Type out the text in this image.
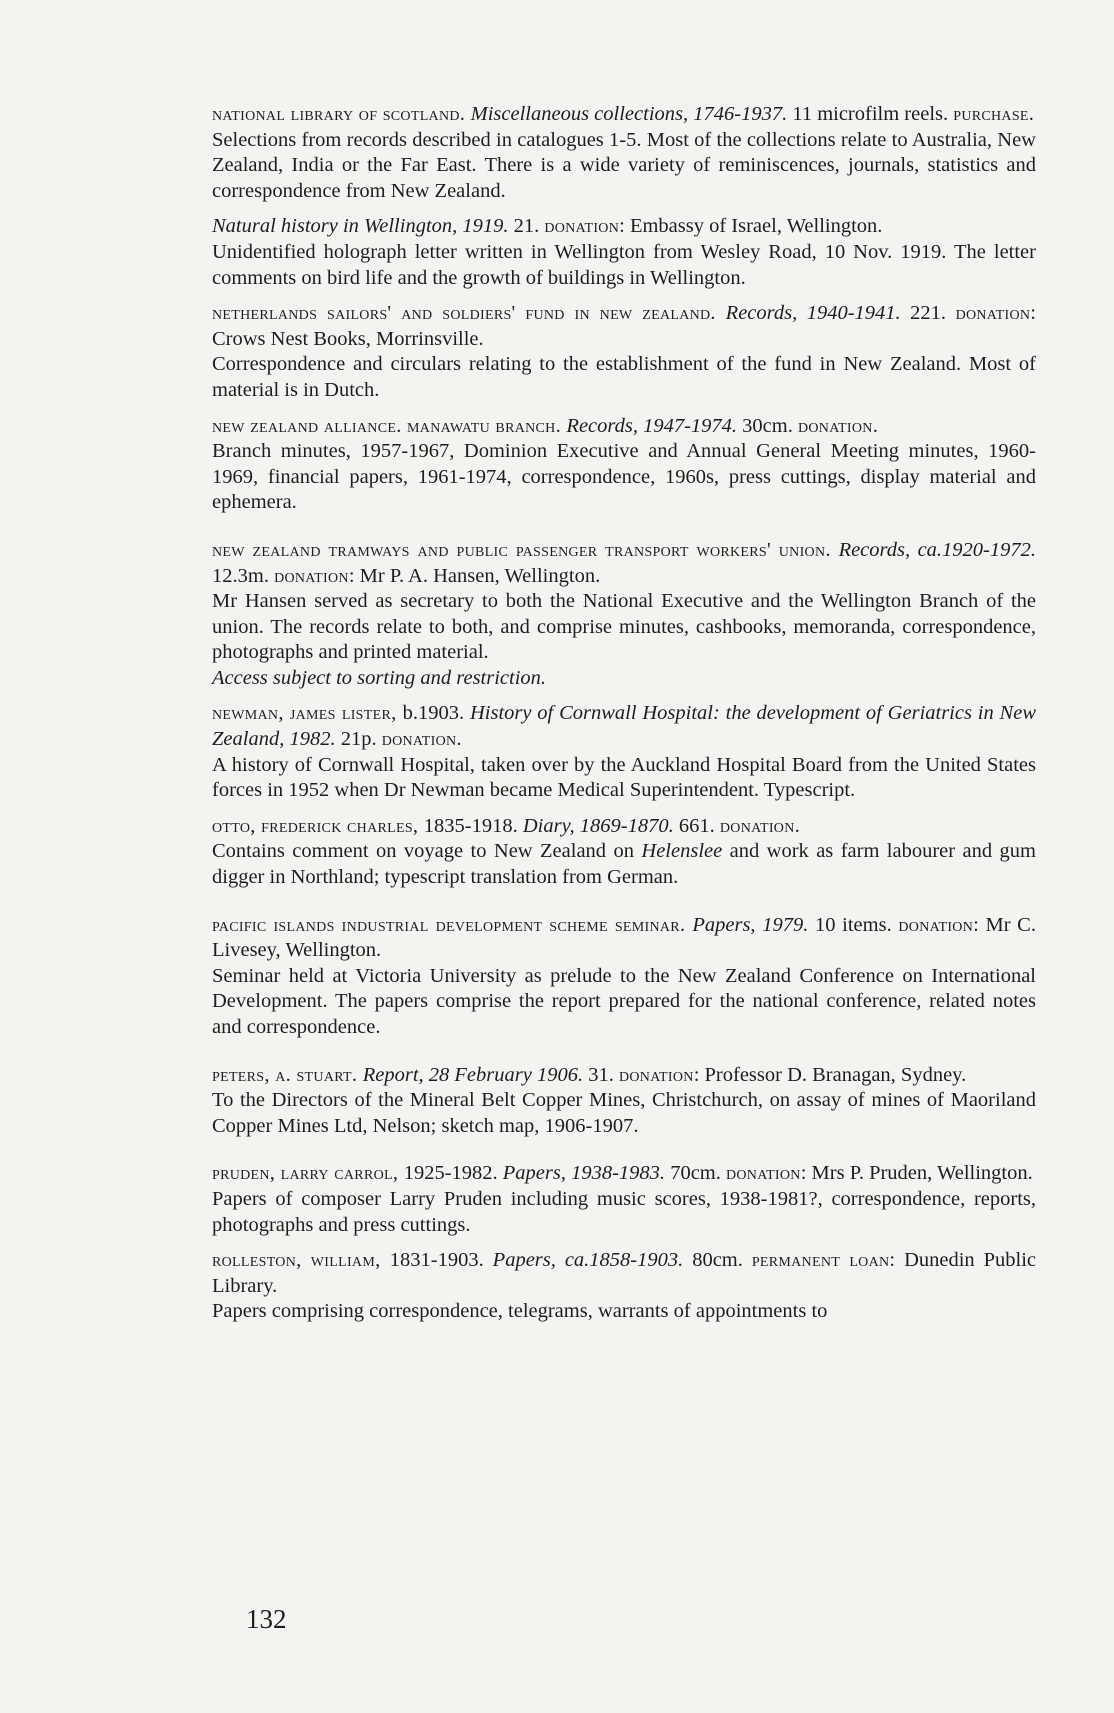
national library of scotland. Miscellaneous collections, 1746-1937. 11 microfilm reels. purchase.

Selections from records described in catalogues 1-5. Most of the collections relate to Australia, New Zealand, India or the Far East. There is a wide variety of reminiscences, journals, statistics and correspondence from New Zealand.

Natural history in Wellington, 1919. 21. donation: Embassy of Israel, Wellington.

Unidentified holograph letter written in Wellington from Wesley Road, 10 Nov. 1919. The letter comments on bird life and the growth of buildings in Wellington.

netherlands sailors' and soldiers' fund in new zealand. Records, 1940-1941. 221. donation: Crows Nest Books, Morrinsville.

Correspondence and circulars relating to the establishment of the fund in New Zealand. Most of material is in Dutch.

new zealand alliance. manawatu branch. Records, 1947-1974. 30cm. donation.

Branch minutes, 1957-1967, Dominion Executive and Annual General Meeting minutes, 1960-1969, financial papers, 1961-1974, correspondence, 1960s, press cuttings, display material and ephemera.

new zealand tramways and public passenger transport workers' union. Records, ca.1920-1972. 12.3m. donation: Mr P. A. Hansen, Wellington.

Mr Hansen served as secretary to both the National Executive and the Wellington Branch of the union. The records relate to both, and comprise minutes, cashbooks, memoranda, correspondence, photographs and printed material.

Access subject to sorting and restriction.

newman, james lister, b.1903. History of Cornwall Hospital: the development of Geriatrics in New Zealand, 1982. 21p. donation.

A history of Cornwall Hospital, taken over by the Auckland Hospital Board from the United States forces in 1952 when Dr Newman became Medical Superintendent. Typescript.

otto, frederick charles, 1835-1918. Diary, 1869-1870. 661. donation.

Contains comment on voyage to New Zealand on Helenslee and work as farm labourer and gum digger in Northland; typescript translation from German.

pacific islands industrial development scheme seminar. Papers, 1979. 10 items. donation: Mr C. Livesey, Wellington.

Seminar held at Victoria University as prelude to the New Zealand Conference on International Development. The papers comprise the report prepared for the national conference, related notes and correspondence.

peters, a. stuart. Report, 28 February 1906. 31. donation: Professor D. Branagan, Sydney.

To the Directors of the Mineral Belt Copper Mines, Christchurch, on assay of mines of Maoriland Copper Mines Ltd, Nelson; sketch map, 1906-1907.

pruden, larry carrol, 1925-1982. Papers, 1938-1983. 70cm. donation: Mrs P. Pruden, Wellington.

Papers of composer Larry Pruden including music scores, 1938-1981?, correspondence, reports, photographs and press cuttings.

rolleston, william, 1831-1903. Papers, ca.1858-1903. 80cm. permanent loan: Dunedin Public Library.

Papers comprising correspondence, telegrams, warrants of appointments to

132
